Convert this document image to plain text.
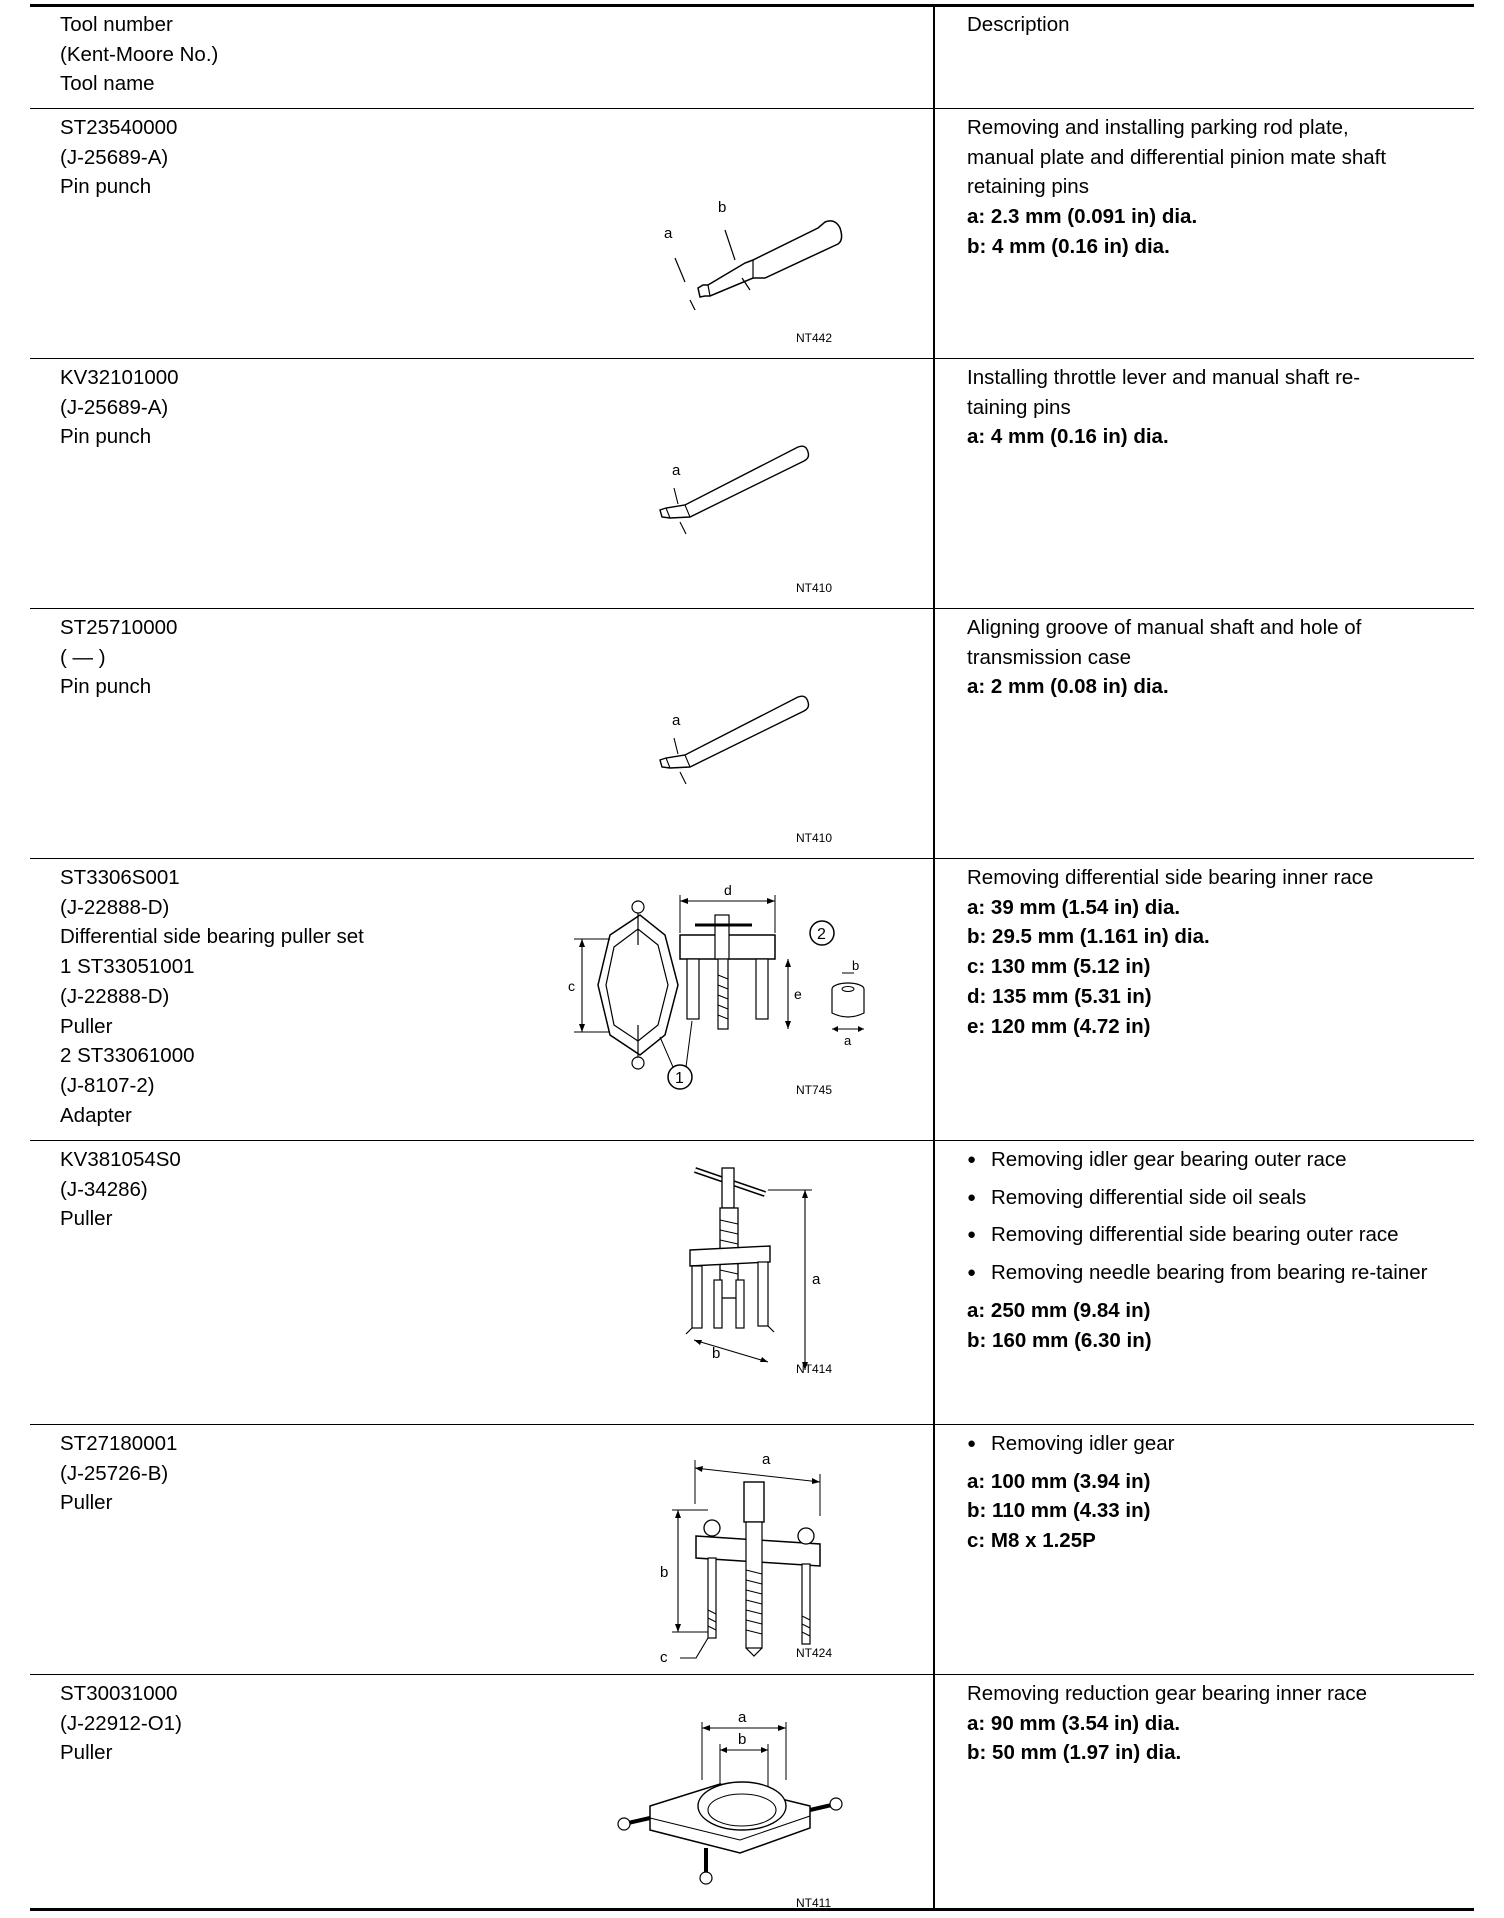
Tool number
(Kent-Moore No.)
Tool name
Description
ST23540000
(J-25689-A)
Pin punch
Removing and installing parking rod plate,
manual plate and differential pinion mate shaft
retaining pins
a: 2.3 mm (0.091 in) dia.
b: 4 mm (0.16 in) dia.
a
b
NT442
KV32101000
(J-25689-A)
Pin punch
Installing throttle lever and manual shaft re-
taining pins
a: 4 mm (0.16 in) dia.
a
NT410
ST25710000
( — )
Pin punch
Aligning groove of manual shaft and hole of
transmission case
a: 2 mm (0.08 in) dia.
a
NT410
ST3306S001
(J-22888-D)
Differential side bearing puller set
1 ST33051001
(J-22888-D)
Puller
2 ST33061000
(J-8107-2)
Adapter
Removing differential side bearing inner race
a: 39 mm (1.54 in) dia.
b: 29.5 mm (1.161 in) dia.
c: 130 mm (5.12 in)
d: 135 mm (5.31 in)
e: 120 mm (4.72 in)
c
d
e
b
a
1
2
NT745
KV381054S0
(J-34286)
Puller
● Removing idler gear bearing outer race
● Removing differential side oil seals
● Removing differential side bearing outer race
● Removing needle bearing from bearing re-tainer
a: 250 mm (9.84 in)
b: 160 mm (6.30 in)
a
b
NT414
ST27180001
(J-25726-B)
Puller
● Removing idler gear
a: 100 mm (3.94 in)
b: 110 mm (4.33 in)
c: M8 x 1.25P
a
b
c	NT424
ST30031000
(J-22912-O1)
Puller
Removing reduction gear bearing inner race
a: 90 mm (3.54 in) dia.
b: 50 mm (1.97 in) dia.
a
b
NT411
